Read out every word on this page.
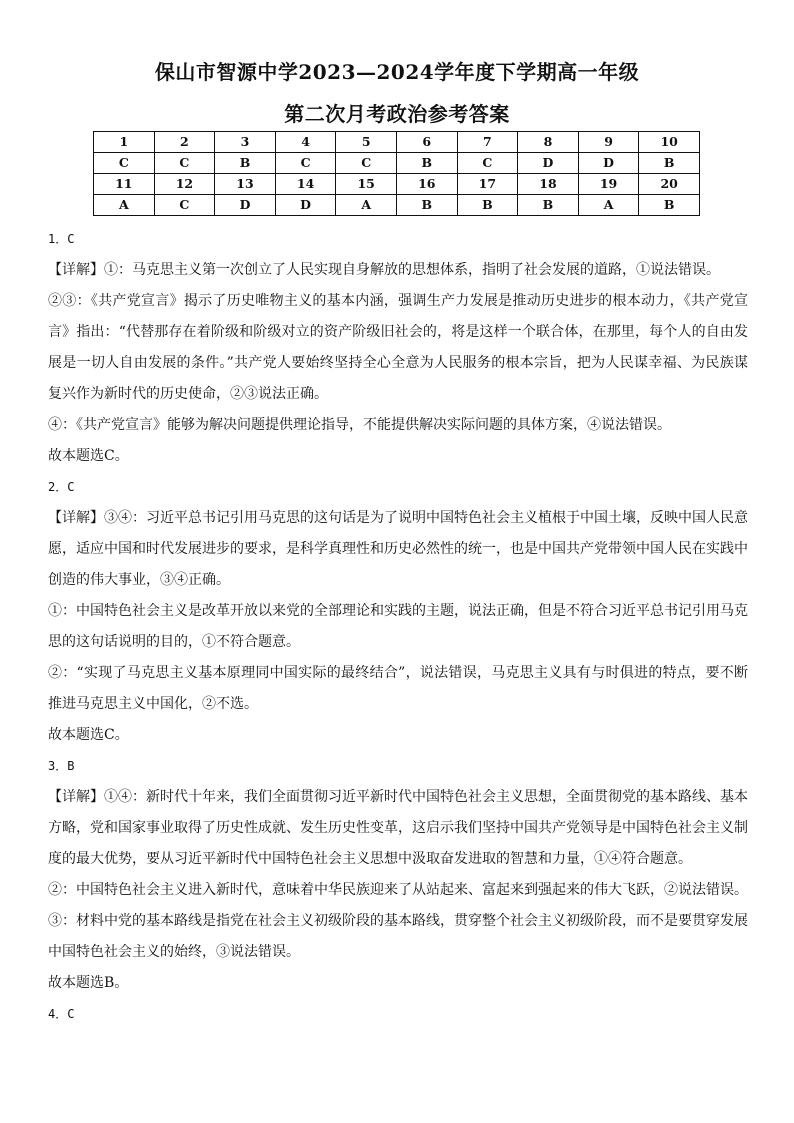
保山市智源中学2023—2024学年度下学期高一年级
第二次月考政治参考答案
1	2	3	4	5	6	7	8	9	10
C	C	B	C	C	B	C	D	D	B
11	12	13	14	15	16	17	18	19	20
A	C	D	D	A	B	B	B	A	B

1．C

【详解】①：马克思主义第一次创立了人民实现自身解放的思想体系，指明了社会发展的道路，①说法错误。

②③：《共产党宣言》揭示了历史唯物主义的基本内涵，强调生产力发展是推动历史进步的根本动力，《共产党宣言》指出：“代替那存在着阶级和阶级对立的资产阶级旧社会的，将是这样一个联合体，在那里，每个人的自由发展是一切人自由发展的条件。”共产党人要始终坚持全心全意为人民服务的根本宗旨，把为人民谋幸福、为民族谋复兴作为新时代的历史使命，②③说法正确。

④：《共产党宣言》能够为解决问题提供理论指导，不能提供解决实际问题的具体方案，④说法错误。

故本题选C。

2．C

【详解】③④：习近平总书记引用马克思的这句话是为了说明中国特色社会主义植根于中国土壤，反映中国人民意愿，适应中国和时代发展进步的要求，是科学真理性和历史必然性的统一，也是中国共产党带领中国人民在实践中创造的伟大事业，③④正确。

①：中国特色社会主义是改革开放以来党的全部理论和实践的主题，说法正确，但是不符合习近平总书记引用马克思的这句话说明的目的，①不符合题意。

②：“实现了马克思主义基本原理同中国实际的最终结合”，说法错误，马克思主义具有与时俱进的特点，要不断推进马克思主义中国化，②不选。

故本题选C。

3．B

【详解】①④：新时代十年来，我们全面贯彻习近平新时代中国特色社会主义思想，全面贯彻党的基本路线、基本方略，党和国家事业取得了历史性成就、发生历史性变革，这启示我们坚持中国共产党领导是中国特色社会主义制度的最大优势，要从习近平新时代中国特色社会主义思想中汲取奋发进取的智慧和力量，①④符合题意。

②：中国特色社会主义进入新时代，意味着中华民族迎来了从站起来、富起来到强起来的伟大飞跃，②说法错误。

③：材料中党的基本路线是指党在社会主义初级阶段的基本路线，贯穿整个社会主义初级阶段，而不是要贯穿发展中国特色社会主义的始终，③说法错误。

故本题选B。

4．C
